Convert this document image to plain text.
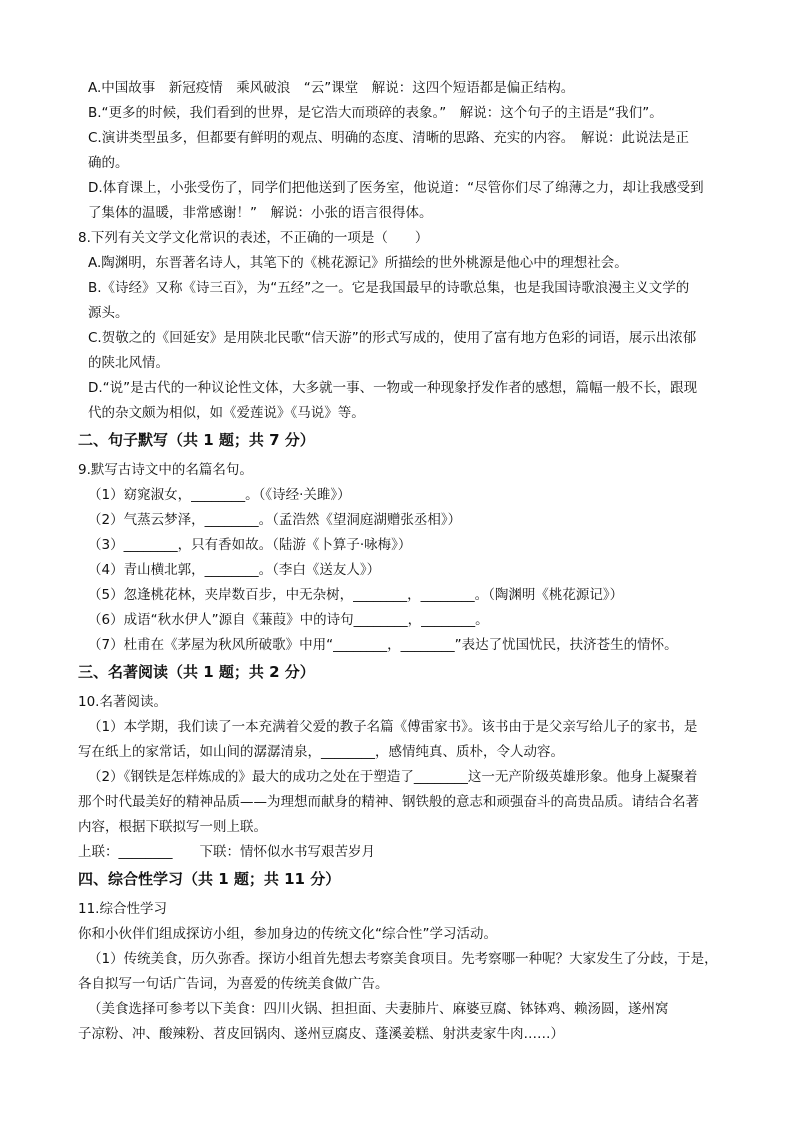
A.中国故事　新冠疫情　乘风破浪　“云”课堂　解说：这四个短语都是偏正结构。
B.“更多的时候，我们看到的世界，是它浩大而琐碎的表象。”　解说：这个句子的主语是“我们”。
C.演讲类型虽多，但都要有鲜明的观点、明确的态度、清晰的思路、充实的内容。　解说：此说法是正
确的。
D.体育课上，小张受伤了，同学们把他送到了医务室，他说道：“尽管你们尽了绵薄之力，却让我感受到
了集体的温暖，非常感谢！”　解说：小张的语言很得体。
8.下列有关文学文化常识的表述，不正确的一项是（　　）
A.陶渊明，东晋著名诗人，其笔下的《桃花源记》所描绘的世外桃源是他心中的理想社会。
B.《诗经》又称《诗三百》，为“五经”之一。它是我国最早的诗歌总集，也是我国诗歌浪漫主义文学的
源头。
C.贺敬之的《回延安》是用陕北民歌“信天游”的形式写成的，使用了富有地方色彩的词语，展示出浓郁
的陕北风情。
D.“说”是古代的一种议论性文体，大多就一事、一物或一种现象抒发作者的感想，篇幅一般不长，跟现
代的杂文颇为相似，如《爱莲说》《马说》等。
二、句子默写（共 1 题；共 7 分）
9.默写古诗文中的名篇名句。
（1）窈窕淑女，________。（《诗经·关雎》）
（2）气蒸云梦泽，________。（孟浩然《望洞庭湖赠张丞相》）
（3）________，只有香如故。（陆游《卜算子·咏梅》）
（4）青山横北郭，________。（李白《送友人》）
（5）忽逢桃花林，夹岸数百步，中无杂树，________，________。（陶渊明《桃花源记》）
（6）成语“秋水伊人”源自《蒹葭》中的诗句________，________。
（7）杜甫在《茅屋为秋风所破歌》中用“________，________”表达了忧国忧民，扶济苍生的情怀。
三、名著阅读（共 1 题；共 2 分）
10.名著阅读。
（1）本学期，我们读了一本充满着父爱的教子名篇《傅雷家书》。该书由于是父亲写给儿子的家书，是
写在纸上的家常话，如山间的潺潺清泉，________，感情纯真、质朴，令人动容。
（2）《钢铁是怎样炼成的》最大的成功之处在于塑造了________这一无产阶级英雄形象。他身上凝聚着
那个时代最美好的精神品质——为理想而献身的精神、钢铁般的意志和顽强奋斗的高贵品质。请结合名著
内容，根据下联拟写一则上联。
上联：________　　下联：情怀似水书写艰苦岁月
四、综合性学习（共 1 题；共 11 分）
11.综合性学习
你和小伙伴们组成探访小组，参加身边的传统文化“综合性”学习活动。
（1）传统美食，历久弥香。探访小组首先想去考察美食项目。先考察哪一种呢？大家发生了分歧，于是，
各自拟写一句话广告词，为喜爱的传统美食做广告。
（美食选择可参考以下美食：四川火锅、担担面、夫妻肺片、麻婆豆腐、钵钵鸡、赖汤圆，遂州窝
子凉粉、冲、酸辣粉、苕皮回锅肉、遂州豆腐皮、蓬溪姜糕、射洪麦家牛肉……）
